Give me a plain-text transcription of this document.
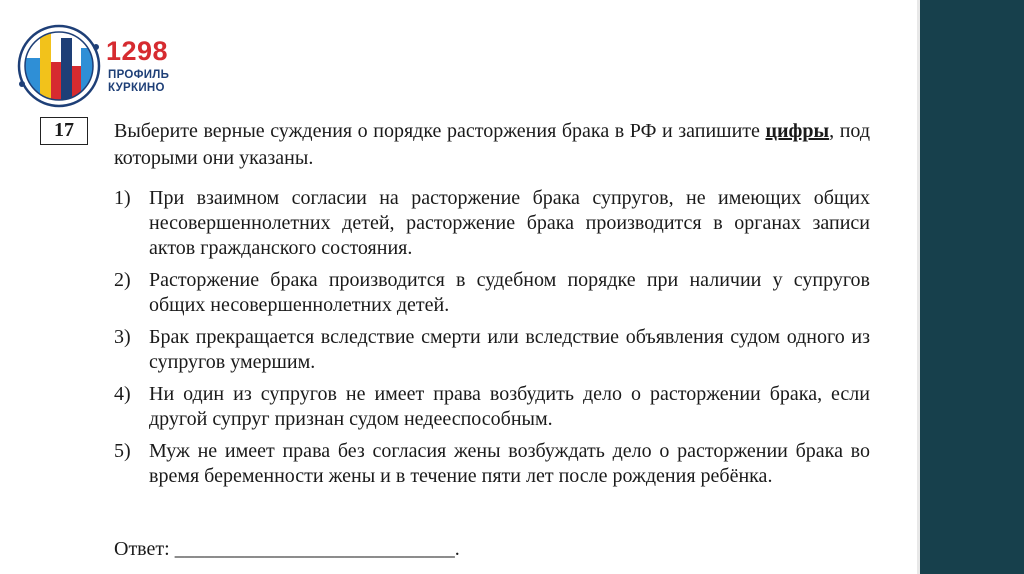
1298
ПРОФИЛЬ
КУРКИНО
17	Выберите верные суждения о порядке расторжения брака в РФ и запишите цифры, под которыми они указаны.

1) При взаимном согласии на расторжение брака супругов, не имеющих общих несовершеннолетних детей, расторжение брака производится в органах записи актов гражданского состояния.
2) Расторжение брака производится в судебном порядке при наличии у супругов общих несовершеннолетних детей.
3) Брак прекращается вследствие смерти или вследствие объявления судом одного из супругов умершим.
4) Ни один из супругов не имеет права возбудить дело о расторжении брака, если другой супруг признан судом недееспособным.
5) Муж не имеет права без согласия жены возбуждать дело о расторжении брака во время беременности жены и в течение пяти лет после рождения ребёнка.
Ответ: ____________________________.
